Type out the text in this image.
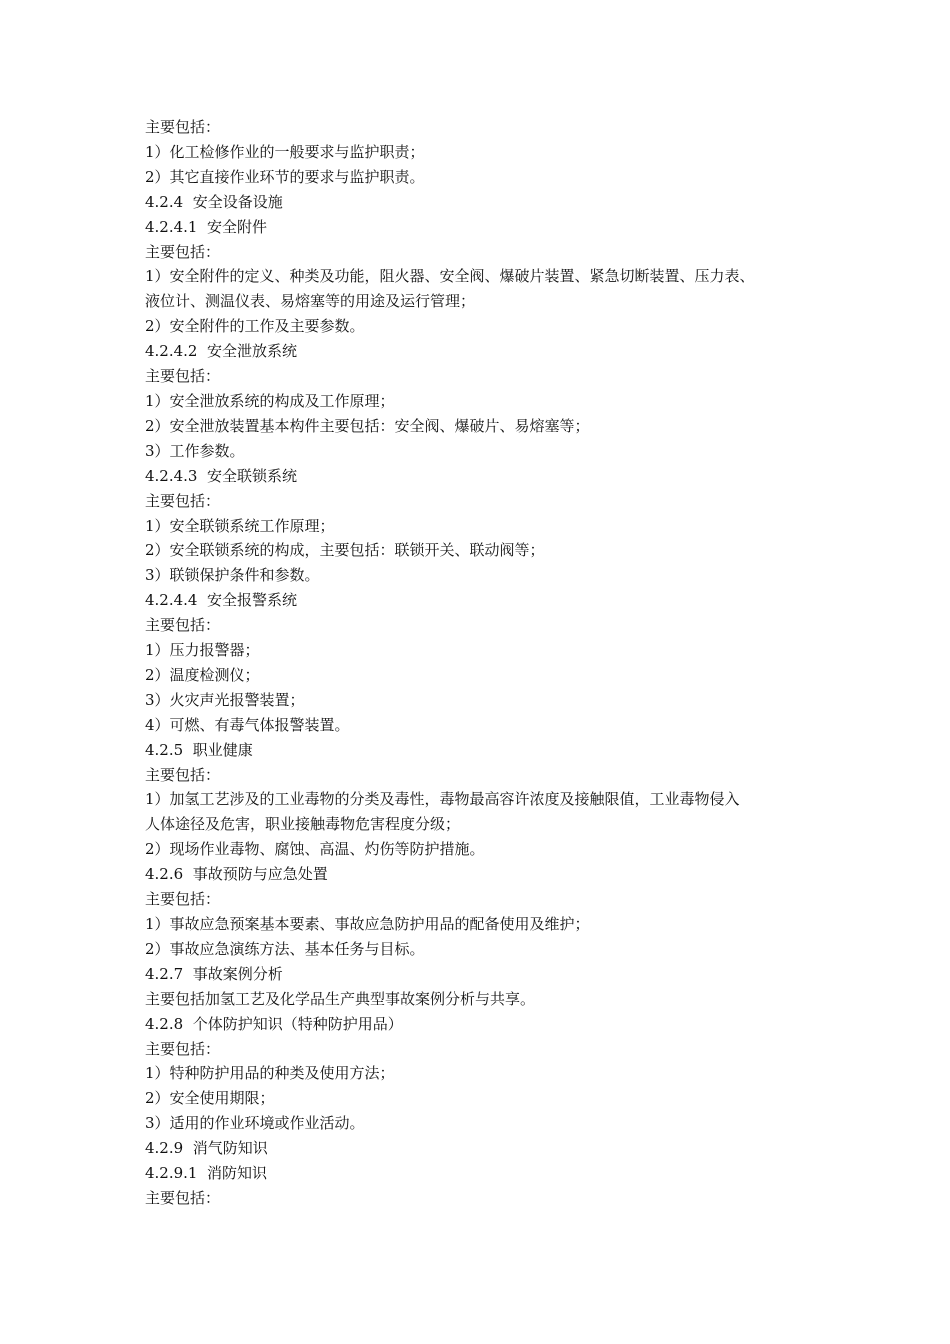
主要包括：
1）化工检修作业的一般要求与监护职责；
2）其它直接作业环节的要求与监护职责。
4.2.4  安全设备设施
4.2.4.1  安全附件
主要包括：
1）安全附件的定义、种类及功能，阻火器、安全阀、爆破片装置、紧急切断装置、压力表、
液位计、测温仪表、易熔塞等的用途及运行管理；
2）安全附件的工作及主要参数。
4.2.4.2  安全泄放系统
主要包括：
1）安全泄放系统的构成及工作原理；
2）安全泄放装置基本构件主要包括：安全阀、爆破片、易熔塞等；
3）工作参数。
4.2.4.3  安全联锁系统
主要包括：
1）安全联锁系统工作原理；
2）安全联锁系统的构成，主要包括：联锁开关、联动阀等；
3）联锁保护条件和参数。
4.2.4.4  安全报警系统
主要包括：
1）压力报警器；
2）温度检测仪；
3）火灾声光报警装置；
4）可燃、有毒气体报警装置。
4.2.5  职业健康
主要包括：
1）加氢工艺涉及的工业毒物的分类及毒性，毒物最高容许浓度及接触限值，工业毒物侵入
人体途径及危害，职业接触毒物危害程度分级；
2）现场作业毒物、腐蚀、高温、灼伤等防护措施。
4.2.6  事故预防与应急处置
主要包括：
1）事故应急预案基本要素、事故应急防护用品的配备使用及维护；
2）事故应急演练方法、基本任务与目标。
4.2.7  事故案例分析
主要包括加氢工艺及化学品生产典型事故案例分析与共享。
4.2.8  个体防护知识（特种防护用品）
主要包括：
1）特种防护用品的种类及使用方法；
2）安全使用期限；
3）适用的作业环境或作业活动。
4.2.9  消气防知识
4.2.9.1  消防知识
主要包括：
